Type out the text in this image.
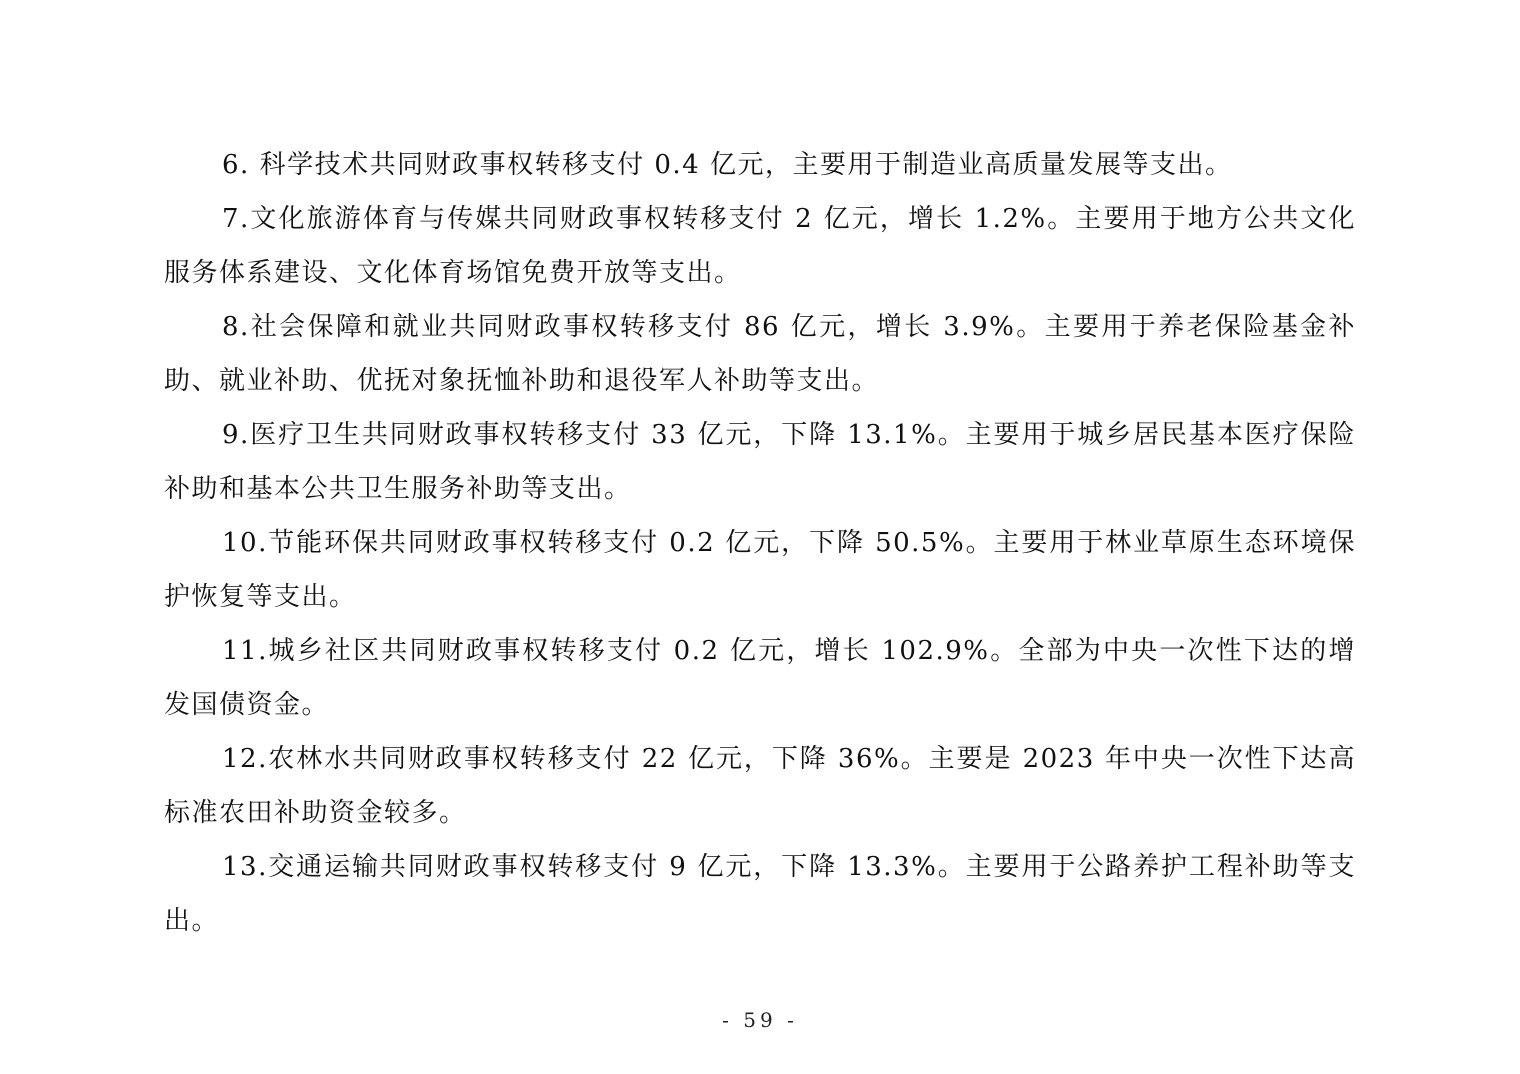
6. 科学技术共同财政事权转移支付 0.4 亿元，主要用于制造业高质量发展等支出。

7.文化旅游体育与传媒共同财政事权转移支付 2 亿元，增长 1.2%。主要用于地方公共文化服务体系建设、文化体育场馆免费开放等支出。

8.社会保障和就业共同财政事权转移支付 86 亿元，增长 3.9%。主要用于养老保险基金补助、就业补助、优抚对象抚恤补助和退役军人补助等支出。

9.医疗卫生共同财政事权转移支付 33 亿元，下降 13.1%。主要用于城乡居民基本医疗保险补助和基本公共卫生服务补助等支出。

10.节能环保共同财政事权转移支付 0.2 亿元，下降 50.5%。主要用于林业草原生态环境保护恢复等支出。

11.城乡社区共同财政事权转移支付 0.2 亿元，增长 102.9%。全部为中央一次性下达的增发国债资金。

12.农林水共同财政事权转移支付 22 亿元，下降 36%。主要是 2023 年中央一次性下达高标准农田补助资金较多。

13.交通运输共同财政事权转移支付 9 亿元，下降 13.3%。主要用于公路养护工程补助等支出。

- 59 -
